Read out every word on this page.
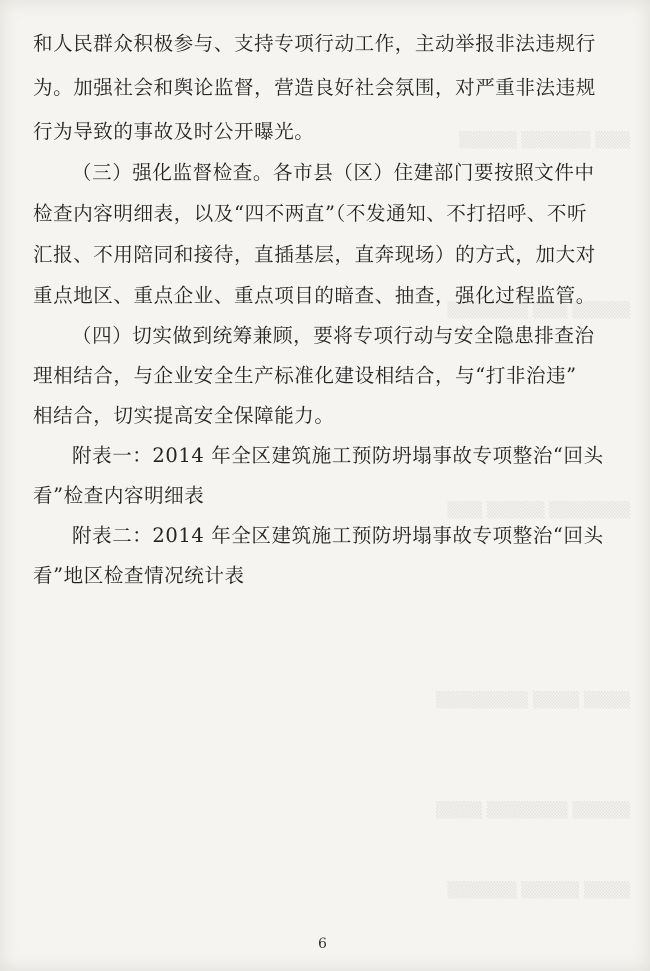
▒▒▒▒▒ ▒▒▒▒▒▒ ▒▒▒
▒▒▒▒▒▒▒ ▒▒▒ ▒▒▒▒▒
▒▒▒ ▒▒▒▒▒ ▒▒▒▒▒▒▒
▒▒▒▒▒▒▒▒ ▒▒▒▒ ▒▒▒▒
▒▒▒▒ ▒▒▒▒▒▒▒ ▒▒▒▒▒
▒▒▒▒▒▒ ▒▒▒▒▒ ▒▒▒▒
和人民群众积极参与、支持专项行动工作，主动举报非法违规行
为。加强社会和舆论监督，营造良好社会氛围，对严重非法违规
行为导致的事故及时公开曝光。
（三）强化监督检查。各市县（区）住建部门要按照文件中
检查内容明细表，以及“四不两直”（不发通知、不打招呼、不听
汇报、不用陪同和接待，直插基层，直奔现场）的方式，加大对
重点地区、重点企业、重点项目的暗查、抽查，强化过程监管。
（四）切实做到统筹兼顾，要将专项行动与安全隐患排查治
理相结合，与企业安全生产标准化建设相结合，与“打非治违”
相结合，切实提高安全保障能力。
附表一：2014 年全区建筑施工预防坍塌事故专项整治“回头
看”检查内容明细表
附表二：2014 年全区建筑施工预防坍塌事故专项整治“回头
看”地区检查情况统计表
6
